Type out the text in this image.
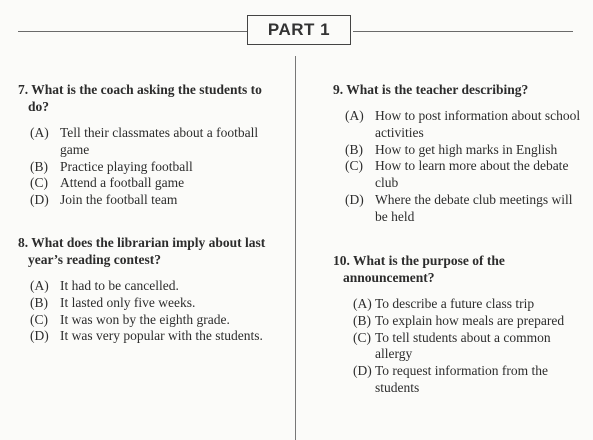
PART 1
7. What is the coach asking the students to do?
(A) Tell their classmates about a football game
(B) Practice playing football
(C) Attend a football game
(D) Join the football team
8. What does the librarian imply about last year’s reading contest?
(A) It had to be cancelled.
(B) It lasted only five weeks.
(C) It was won by the eighth grade.
(D) It was very popular with the students.
9. What is the teacher describing?
(A) How to post information about school activities
(B) How to get high marks in English
(C) How to learn more about the debate club
(D) Where the debate club meetings will be held
10. What is the purpose of the announcement?
(A) To describe a future class trip
(B) To explain how meals are prepared
(C) To tell students about a common allergy
(D) To request information from the students
